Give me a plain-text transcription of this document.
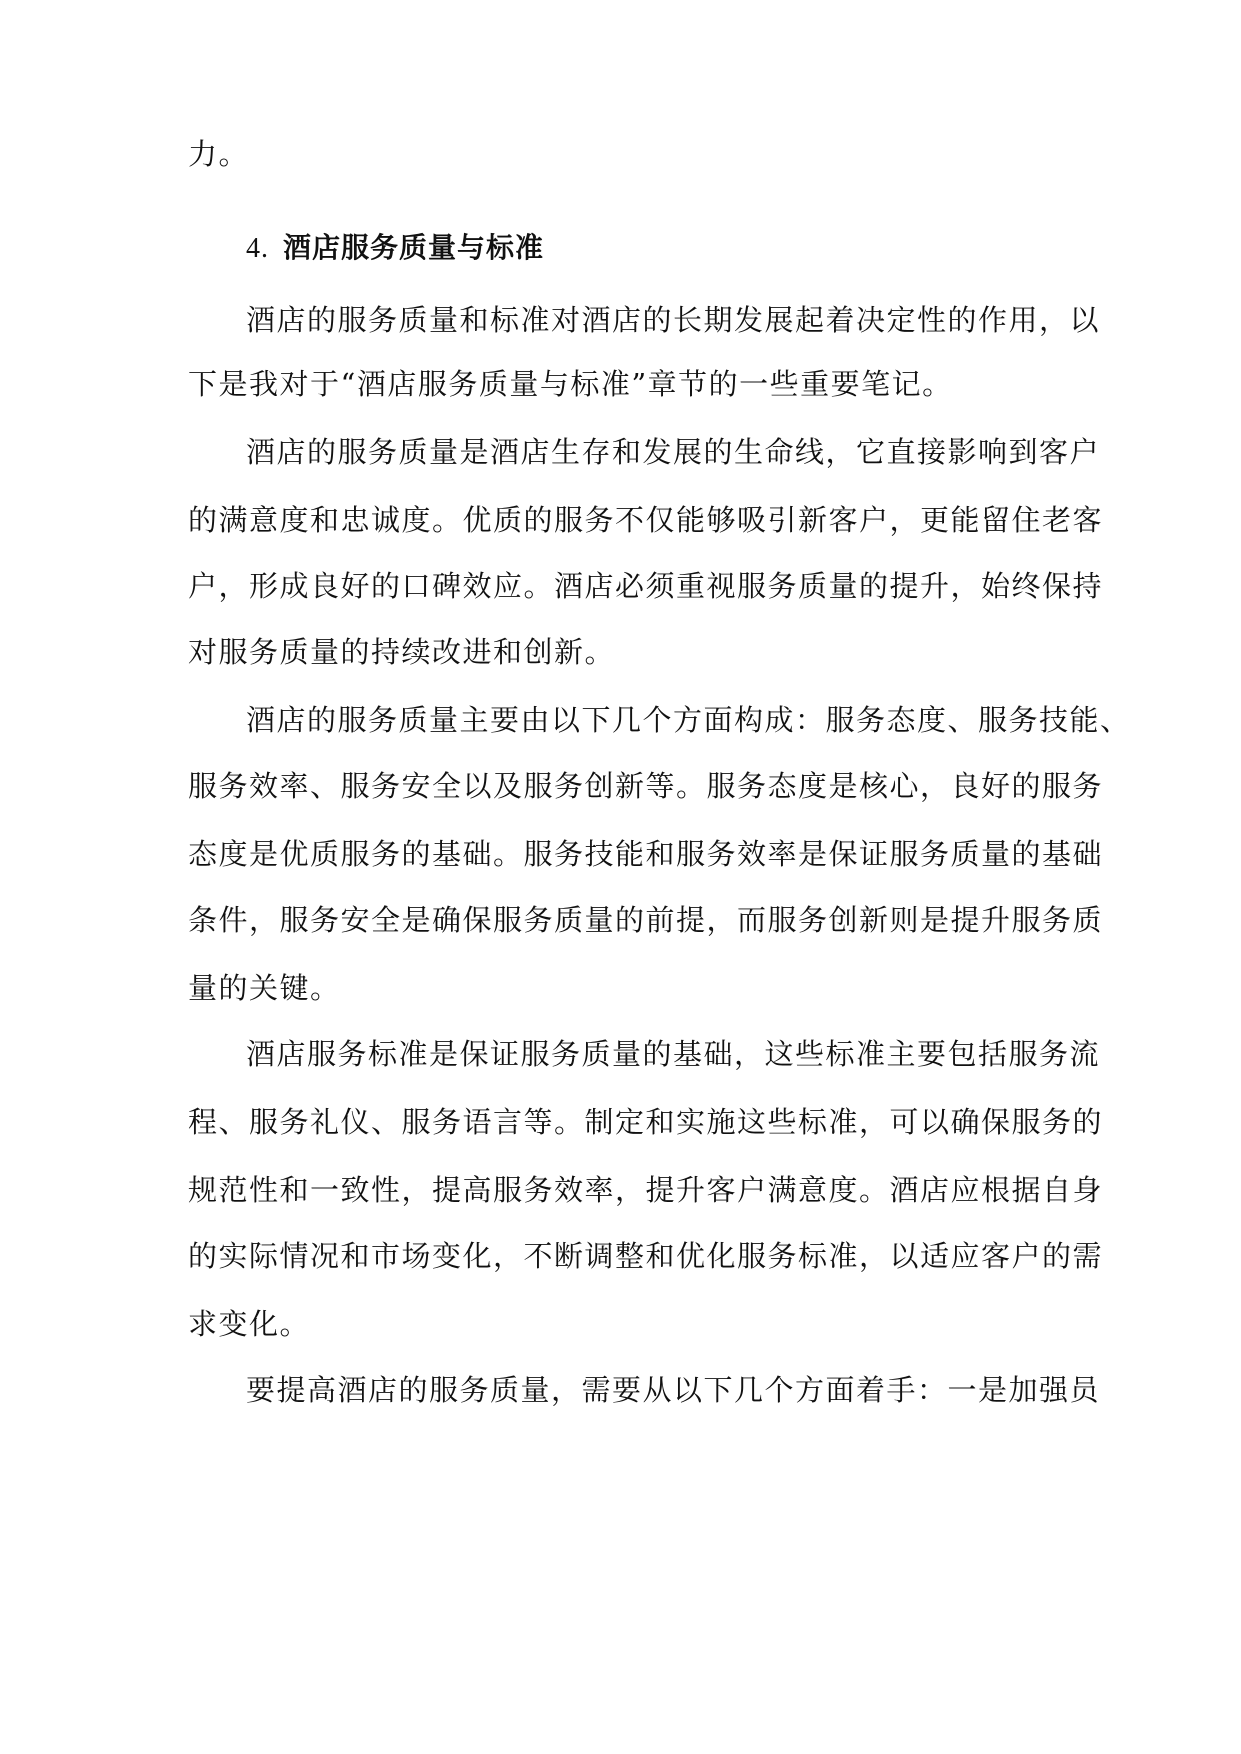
力。
4. 酒店服务质量与标准
酒店的服务质量和标准对酒店的长期发展起着决定性的作用，以
下是我对于“酒店服务质量与标准”章节的一些重要笔记。
酒店的服务质量是酒店生存和发展的生命线，它直接影响到客户
的满意度和忠诚度。优质的服务不仅能够吸引新客户，更能留住老客
户，形成良好的口碑效应。酒店必须重视服务质量的提升，始终保持
对服务质量的持续改进和创新。
酒店的服务质量主要由以下几个方面构成：服务态度、服务技能、
服务效率、服务安全以及服务创新等。服务态度是核心，良好的服务
态度是优质服务的基础。服务技能和服务效率是保证服务质量的基础
条件，服务安全是确保服务质量的前提，而服务创新则是提升服务质
量的关键。
酒店服务标准是保证服务质量的基础，这些标准主要包括服务流
程、服务礼仪、服务语言等。制定和实施这些标准，可以确保服务的
规范性和一致性，提高服务效率，提升客户满意度。酒店应根据自身
的实际情况和市场变化，不断调整和优化服务标准，以适应客户的需
求变化。
要提高酒店的服务质量，需要从以下几个方面着手：一是加强员
